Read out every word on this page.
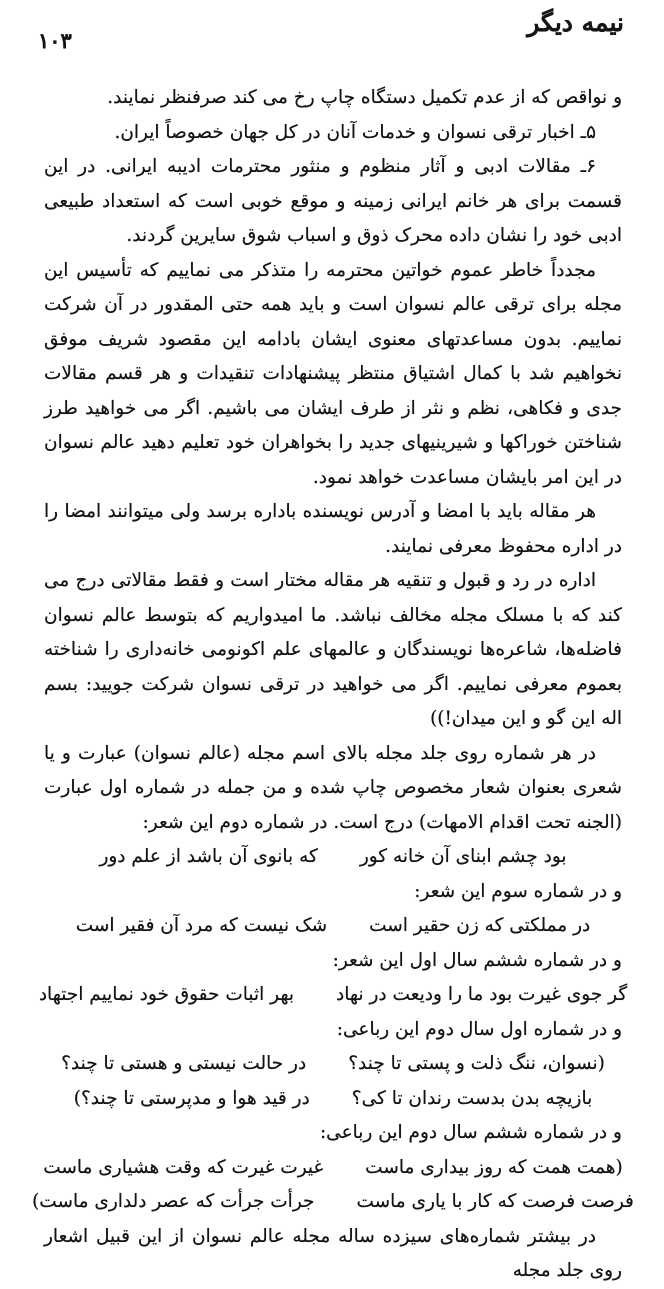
نیمه دیگر
۱۰۳

و نواقص که از عدم تکمیل دستگاه چاپ رخ می کند صرفنظر نمایند.

۵ـ اخبار ترقی نسوان و خدمات آنان در کل جهان خصوصاً ایران.

۶ـ مقالات ادبی و آثار منظوم و منثور محترمات ادیبه ایرانی. در این قسمت برای هر خانم ایرانی زمینه و موقع خوبی است که استعداد طبیعی ادبی خود را نشان داده محرک ذوق و اسباب شوق سایرین گردند.

مجدداً خاطر عموم خواتین محترمه را متذکر می نماییم که تأسیس این مجله برای ترقی عالم نسوان است و باید همه حتی المقدور در آن شرکت نماییم. بدون مساعدتهای معنوی ایشان بادامه این مقصود شریف موفق نخواهیم شد با کمال اشتیاق منتظر پیشنهادات تنقیدات و هر قسم مقالات جدی و فکاهی، نظم و نثر از طرف ایشان می باشیم. اگر می خواهید طرز شناختن خوراکها و شیرینیهای جدید را بخواهران خود تعلیم دهید عالم نسوان در این امر بایشان مساعدت خواهد نمود.

هر مقاله باید با امضا و آدرس نویسنده باداره برسد ولی میتوانند امضا را در اداره محفوظ معرفی نمایند.

اداره در رد و قبول و تنقیه هر مقاله مختار است و فقط مقالاتی درج می کند که با مسلک مجله مخالف نباشد. ما امیدواریم که بتوسط عالم نسوان فاضله‌ها، شاعره‌ها نویسندگان و عالمهای علم اکونومی خانه‌داری را شناخته بعموم معرفی نماییم. اگر می خواهید در ترقی نسوان شرکت جویید: بسم اله این گو و این میدان!))

در هر شماره روی جلد مجله بالای اسم مجله (عالم نسوان) عبارت و یا شعری بعنوان شعار مخصوص چاپ شده و من جمله در شماره اول عبارت (الجنه تحت اقدام الامهات) درج است. در شماره دوم این شعر:

بود چشم ابنای آن خانه کور
که بانوی آن باشد از علم دور

و در شماره سوم این شعر:

در مملکتی که زن حقیر است
شک نیست که مرد آن فقیر است

و در شماره ششم سال اول این شعر:

گر جوی غیرت بود ما را ودیعت در نهاد
بهر اثبات حقوق خود نماییم اجتهاد

و در شماره اول سال دوم این رباعی:

(نسوان، ننگ ذلت و پستی تا چند؟
در حالت نیستی و هستی تا چند؟
بازیچه بدن بدست رندان تا کی؟
در قید هوا و مدپرستی تا چند؟)

و در شماره ششم سال دوم این رباعی:

(همت همت که روز بیداری ماست
غیرت غیرت که وقت هشیاری ماست
فرصت فرصت که کار با یاری ماست
جرأت جرأت که عصر دلداری ماست)

در بیشتر شماره‌های سیزده ساله مجله عالم نسوان از این قبیل اشعار روی جلد مجله
